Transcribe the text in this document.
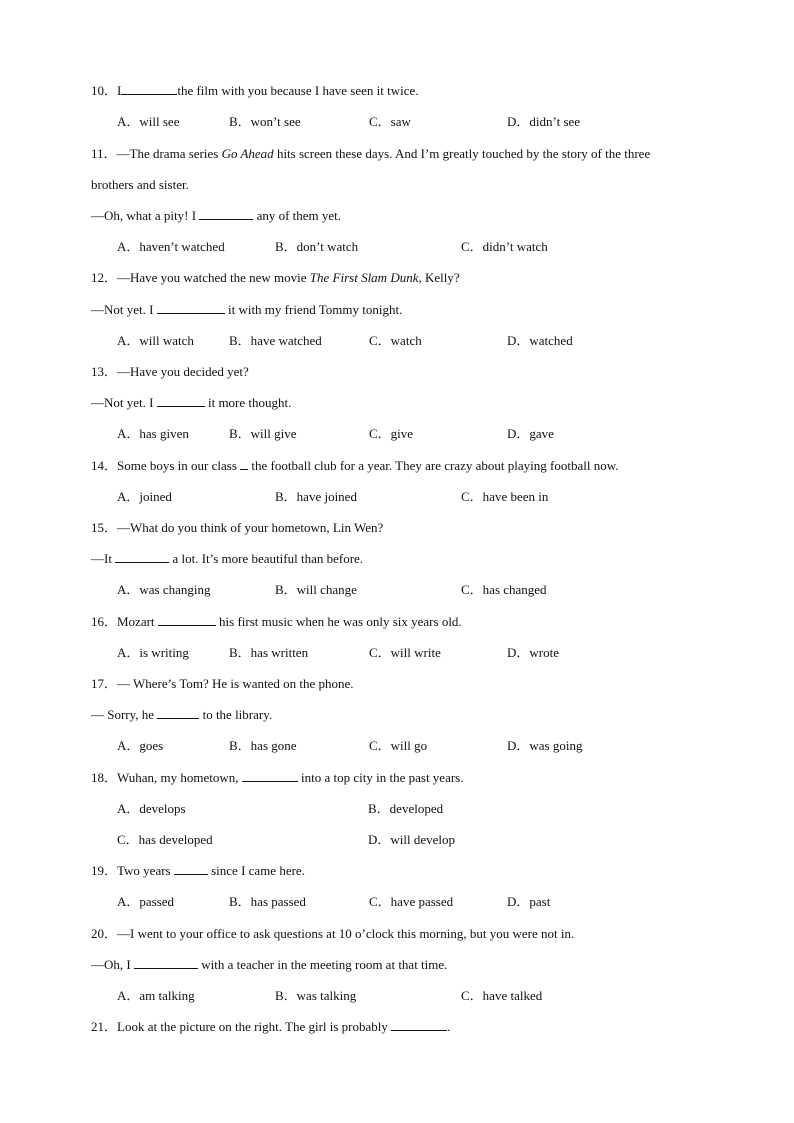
10．I	the film with you because I have seen it twice.
A．will see	B．won’t see	C．saw	D．didn’t see
11．—The drama series Go Ahead hits screen these days. And I’m greatly touched by the story of the three
brothers and sister.
—Oh, what a pity! I	any of them yet.
A．haven’t watched	B．don’t watch	C．didn’t watch
12．—Have you watched the new movie The First Slam Dunk, Kelly?
—Not yet. I	it with my friend Tommy tonight.
A．will watch	B．have watched	C．watch	D．watched
13．—Have you decided yet?
—Not yet. I	it more thought.
A．has given	B．will give	C．give	D．gave
14．Some boys in our class  the football club for a year. They are crazy about playing football now.
A．joined	B．have joined	C．have been in
15．—What do you think of your hometown, Lin Wen?
—It	a lot. It’s more beautiful than before.
A．was changing	B．will change	C．has changed
16．Mozart	his first music when he was only six years old.
A．is writing	B．has written	C．will write	D．wrote
17．— Where’s Tom? He is wanted on the phone.
— Sorry, he	to the library.
A．goes	B．has gone	C．will go	D．was going
18．Wuhan, my hometown,	into a top city in the past years.
A．develops	B．developed
C．has developed	D．will develop
19．Two years	since I came here.
A．passed	B．has passed	C．have passed	D．past
20．—I went to your office to ask questions at 10 o’clock this morning, but you were not in.
—Oh, I	with a teacher in the meeting room at that time.
A．am talking	B．was talking	C．have talked
21．Look at the picture on the right. The girl is probably	.
